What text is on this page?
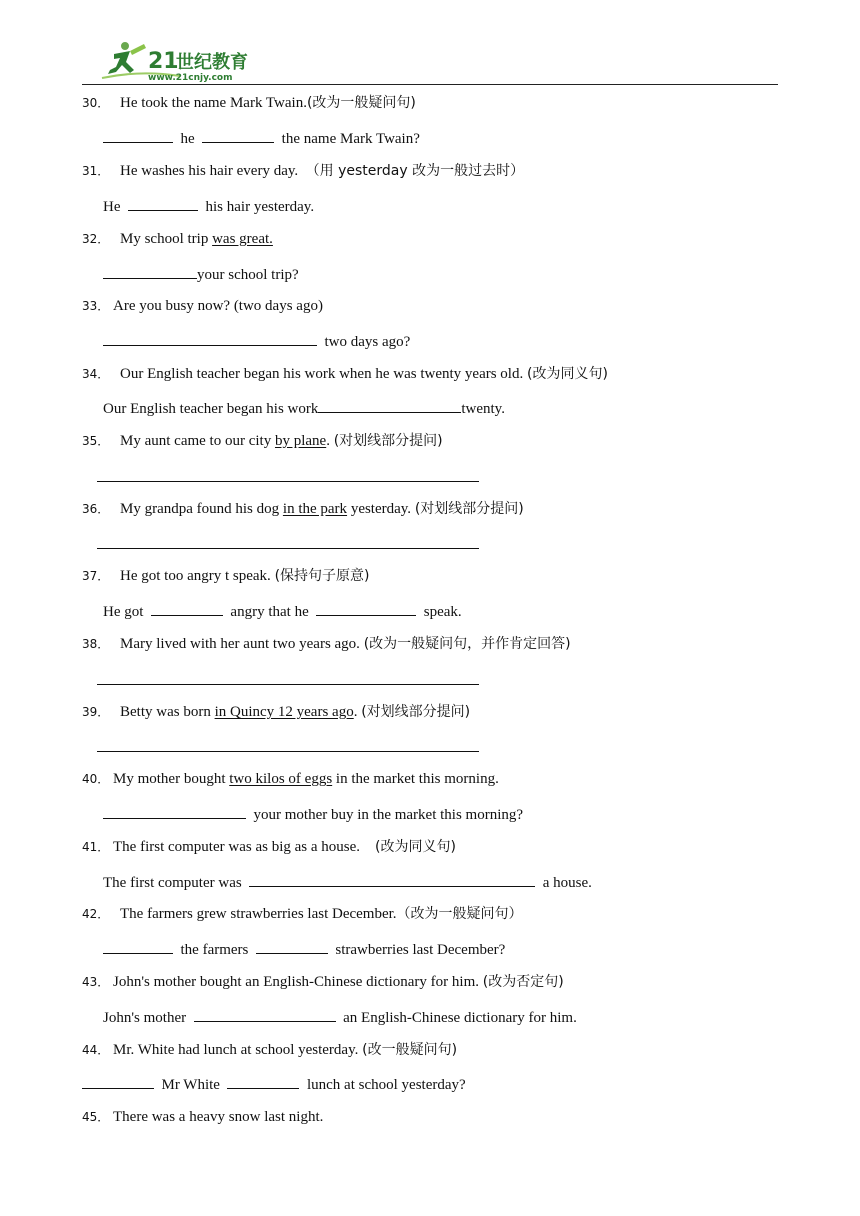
21
世纪教育
www.21cnjy.com
30． He took the name Mark Twain.(改为一般疑问句)
he	the name Mark Twain?
31． He washes his hair every day. （用 yesterday 改为一般过去时）
He	his hair yesterday.
32． My school trip was great.
your school trip?
33． Are you busy now? (two days ago)
two days ago?
34． Our English teacher began his work when he was twenty years old. (改为同义句)
Our English teacher began his work	twenty.
35． My aunt came to our city by plane. (对划线部分提问)
36． My grandpa found his dog in the park yesterday. (对划线部分提问)
37． He got too angry t speak. (保持句子原意)
He got	angry that he	speak.
38． Mary lived with her aunt two years ago. (改为一般疑问句，并作肯定回答)
39． Betty was born in Quincy 12 years ago. (对划线部分提问)
40． My mother bought two kilos of eggs in the market this morning.
your mother buy in the market this morning?
41． The first computer was as big as a house. (改为同义句)
The first computer was	a house.
42． The farmers grew strawberries last December.（改为一般疑问句）
the farmers	strawberries last December?
43． John's mother bought an English-Chinese dictionary for him. (改为否定句)
John's mother	an English-Chinese dictionary for him.
44． Mr. White had lunch at school yesterday. (改一般疑问句)
Mr White	lunch at school yesterday?
45． There was a heavy snow last night.
